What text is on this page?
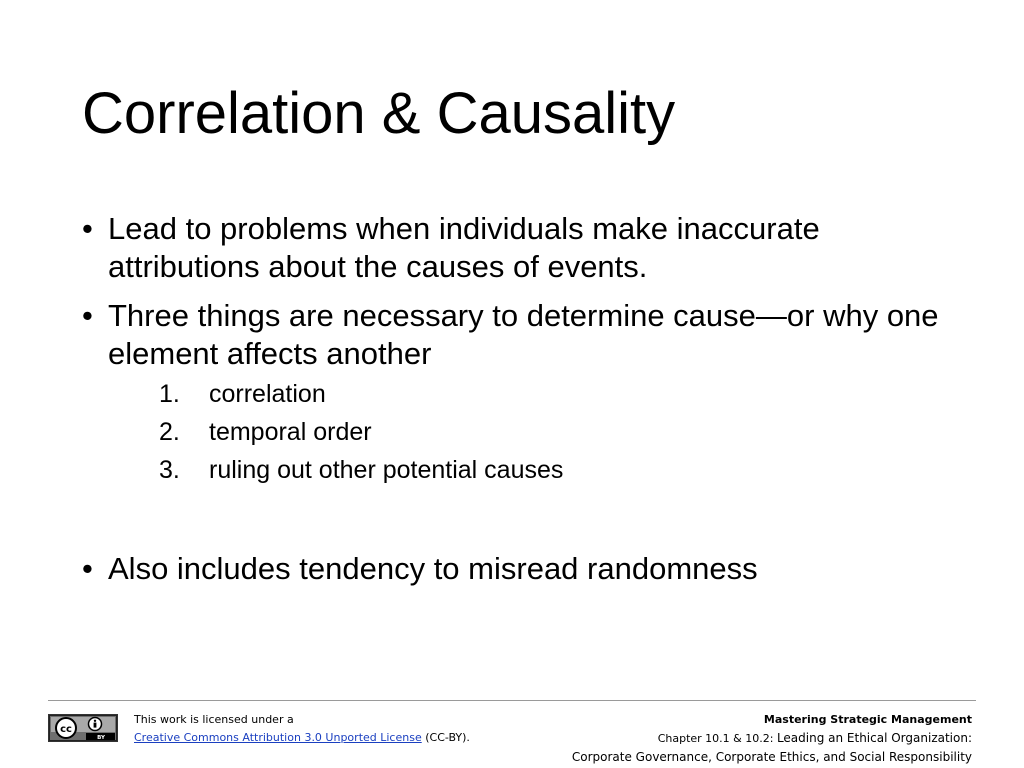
Correlation & Causality
• Lead to problems when individuals make inaccurate attributions about the causes of events.
• Three things are necessary to determine cause—or why one element affects another
1. correlation
2. temporal order
3. ruling out other potential causes
• Also includes tendency to misread randomness
cc
BY
This work is licensed under a
Creative Commons Attribution 3.0 Unported License (CC-BY).
Mastering Strategic Management
Chapter 10.1 & 10.2: Leading an Ethical Organization:
Corporate Governance, Corporate Ethics, and Social Responsibility
